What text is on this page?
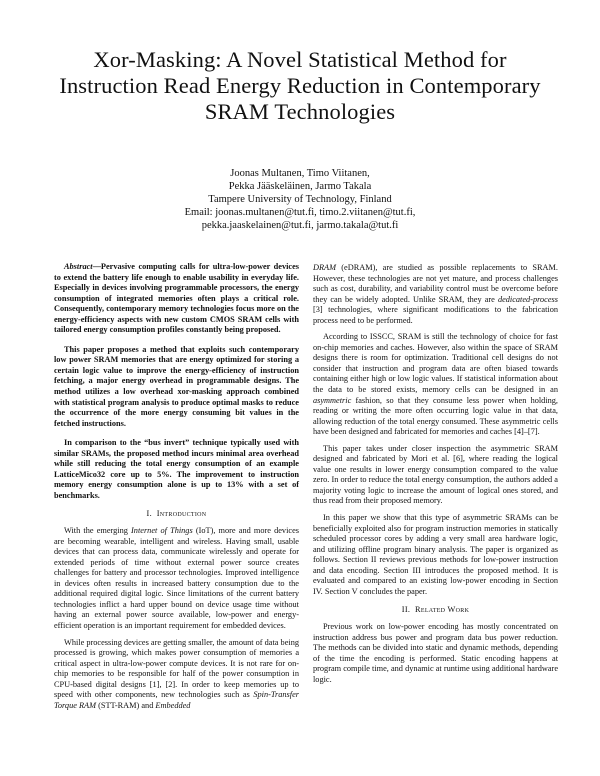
Xor-Masking: A Novel Statistical Method for
Instruction Read Energy Reduction in Contemporary
SRAM Technologies
Joonas Multanen, Timo Viitanen,
Pekka Jääskeläinen, Jarmo Takala
Tampere University of Technology, Finland
Email: joonas.multanen@tut.fi, timo.2.viitanen@tut.fi,
pekka.jaaskelainen@tut.fi, jarmo.takala@tut.fi

Abstract—Pervasive computing calls for ultra-low-power devices to extend the battery life enough to enable usability in everyday life. Especially in devices involving programmable processors, the energy consumption of integrated memories often plays a critical role. Consequently, contemporary memory technologies focus more on the energy-efficiency aspects with new custom CMOS SRAM cells with tailored energy consumption profiles constantly being proposed.

This paper proposes a method that exploits such contemporary low power SRAM memories that are energy optimized for storing a certain logic value to improve the energy-efficiency of instruction fetching, a major energy overhead in programmable designs. The method utilizes a low overhead xor-masking approach combined with statistical program analysis to produce optimal masks to reduce the occurrence of the more energy consuming bit values in the fetched instructions.

In comparison to the “bus invert” technique typically used with similar SRAMs, the proposed method incurs minimal area overhead while still reducing the total energy consumption of an example LatticeMico32 core up to 5%. The improvement to instruction memory energy consumption alone is up to 13% with a set of benchmarks.

I. Introduction

With the emerging Internet of Things (IoT), more and more devices are becoming wearable, intelligent and wireless. Having small, usable devices that can process data, communicate wirelessly and operate for extended periods of time without external power source creates challenges for battery and processor technologies. Improved intelligence in devices often results in increased battery consumption due to the additional required digital logic. Since limitations of the current battery technologies inflict a hard upper bound on device usage time without having an external power source available, low-power and energy-efficient operation is an important requirement for embedded devices.

While processing devices are getting smaller, the amount of data being processed is growing, which makes power consumption of memories a critical aspect in ultra-low-power compute devices. It is not rare for on-chip memories to be responsible for half of the power consumption in CPU-based digital designs [1], [2]. In order to keep memories up to speed with other components, new technologies such as Spin-Transfer Torque RAM (STT-RAM) and Embedded

DRAM (eDRAM), are studied as possible replacements to SRAM. However, these technologies are not yet mature, and process challenges such as cost, durability, and variability control must be overcome before they can be widely adopted. Unlike SRAM, they are dedicated-process [3] technologies, where significant modifications to the fabrication process need to be performed.

According to ISSCC, SRAM is still the technology of choice for fast on-chip memories and caches. However, also within the space of SRAM designs there is room for optimization. Traditional cell designs do not consider that instruction and program data are often biased towards containing either high or low logic values. If statistical information about the data to be stored exists, memory cells can be designed in an asymmetric fashion, so that they consume less power when holding, reading or writing the more often occurring logic value in that data, allowing reduction of the total energy consumed. These asymmetric cells have been designed and fabricated for memories and caches [4]–[7].

This paper takes under closer inspection the asymmetric SRAM designed and fabricated by Mori et al. [6], where reading the logical value one results in lower energy consumption compared to the value zero. In order to reduce the total energy consumption, the authors added a majority voting logic to increase the amount of logical ones stored, and thus read from their proposed memory.

In this paper we show that this type of asymmetric SRAMs can be beneficially exploited also for program instruction memories in statically scheduled processor cores by adding a very small area hardware logic, and utilizing offline program binary analysis. The paper is organized as follows. Section II reviews previous methods for low-power instruction and data encoding. Section III introduces the proposed method. It is evaluated and compared to an existing low-power encoding in Section IV. Section V concludes the paper.

II. Related Work

Previous work on low-power encoding has mostly concentrated on instruction address bus power and program data bus power reduction. The methods can be divided into static and dynamic methods, depending of the time the encoding is performed. Static encoding happens at program compile time, and dynamic at runtime using additional hardware logic.
